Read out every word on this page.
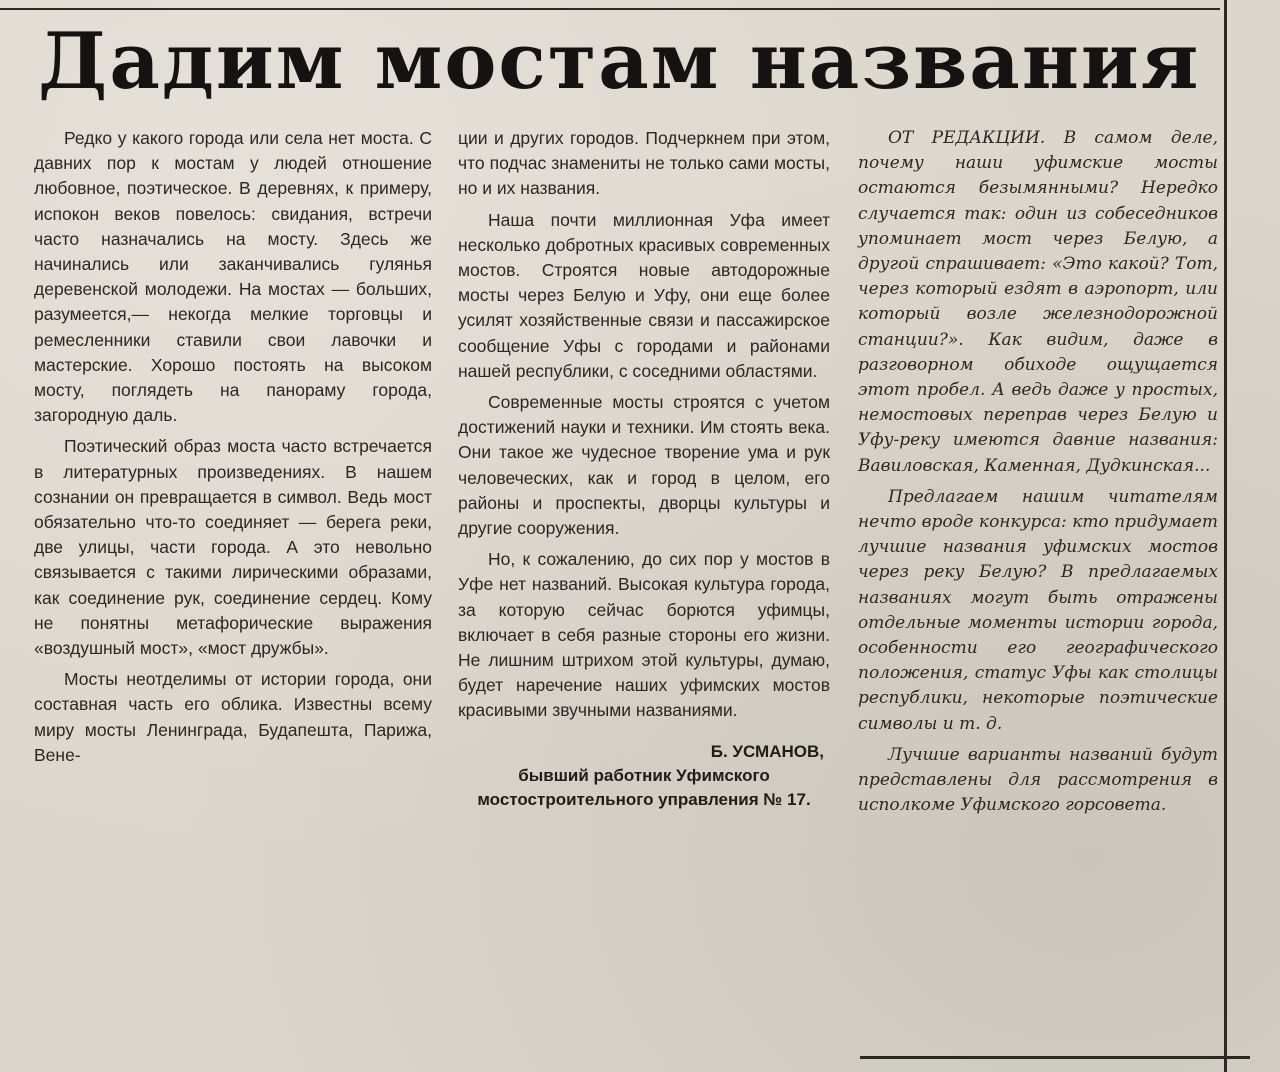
Дадим мостам названия

Редко у какого города или села нет моста. С давних пор к мостам у людей отношение любовное, поэтическое. В деревнях, к примеру, испокон веков повелось: свидания, встречи часто назначались на мосту. Здесь же начинались или заканчивались гулянья деревенской молодежи. На мостах — больших, разумеется,— некогда мелкие торговцы и ремесленники ставили свои лавочки и мастерские. Хорошо постоять на высоком мосту, поглядеть на панораму города, загородную даль.

Поэтический образ моста часто встречается в литературных произведениях. В нашем сознании он превращается в символ. Ведь мост обязательно что-то соединяет — берега реки, две улицы, части города. А это невольно связывается с такими лирическими образами, как соединение рук, соединение сердец. Кому не понятны метафорические выражения «воздушный мост», «мост дружбы».

Мосты неотделимы от истории города, они составная часть его облика. Известны всему миру мосты Ленинграда, Будапешта, Парижа, Вене-

ции и других городов. Подчеркнем при этом, что подчас знамениты не только сами мосты, но и их названия.

Наша почти миллионная Уфа имеет несколько добротных красивых современных мостов. Строятся новые автодорожные мосты через Белую и Уфу, они еще более усилят хозяйственные связи и пассажирское сообщение Уфы с городами и районами нашей республики, с соседними областями.

Современные мосты строятся с учетом достижений науки и техники. Им стоять века. Они такое же чудесное творение ума и рук человеческих, как и город в целом, его районы и проспекты, дворцы культуры и другие сооружения.

Но, к сожалению, до сих пор у мостов в Уфе нет названий. Высокая культура города, за которую сейчас борются уфимцы, включает в себя разные стороны его жизни. Не лишним штрихом этой культуры, думаю, будет наречение наших уфимских мостов красивыми звучными названиями.

Б. УСМАНОВ,
бывший работник Уфимского мостостроительного управления № 17.

ОТ РЕДАКЦИИ. В самом деле, почему наши уфимские мосты остаются безымянными? Нередко случается так: один из собеседников упоминает мост через Белую, а другой спрашивает: «Это какой? Тот, через который ездят в аэропорт, или который возле железнодорожной станции?». Как видим, даже в разговорном обиходе ощущается этот пробел. А ведь даже у простых, немостовых переправ через Белую и Уфу-реку имеются давние названия: Вавиловская, Каменная, Дудкинская...

Предлагаем нашим читателям нечто вроде конкурса: кто придумает лучшие названия уфимских мостов через реку Белую? В предлагаемых названиях могут быть отражены отдельные моменты истории города, особенности его географического положения, статус Уфы как столицы республики, некоторые поэтические символы и т. д.

Лучшие варианты названий будут представлены для рассмотрения в исполкоме Уфимского горсовета.
